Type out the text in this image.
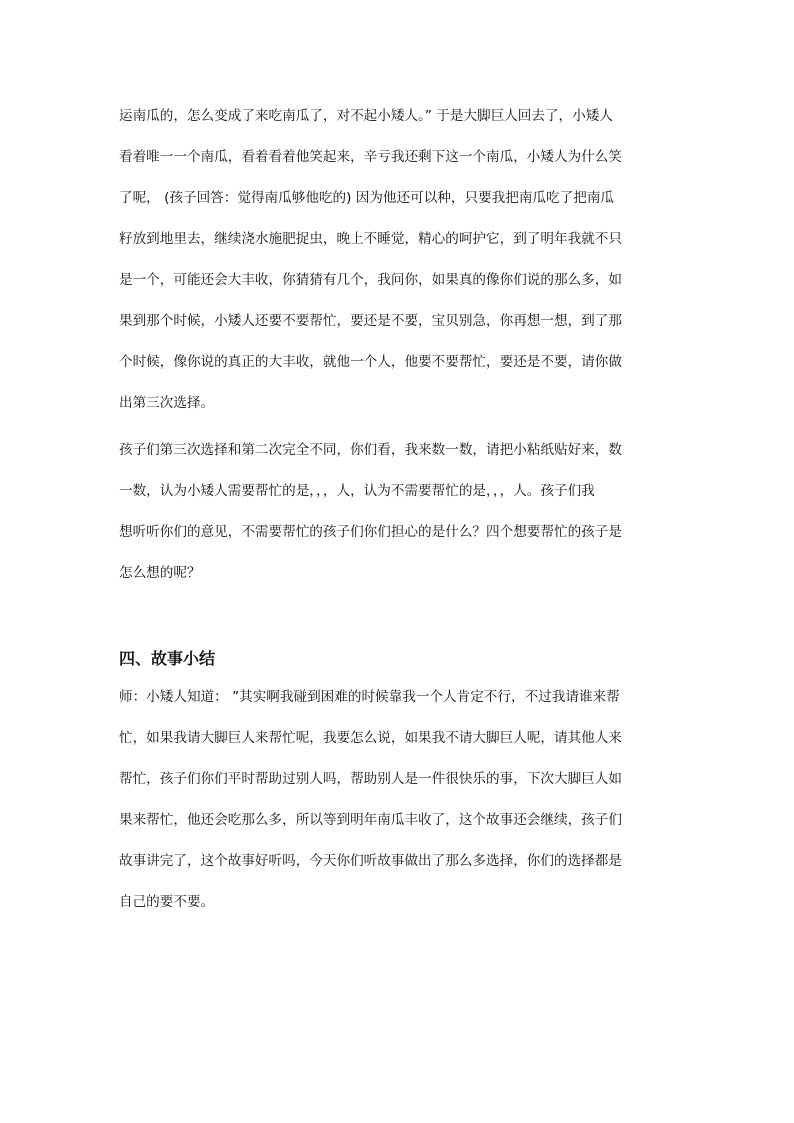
运南瓜的，怎么变成了来吃南瓜了，对不起小矮人。” 于是大脚巨人回去了，小矮人

看着唯一一个南瓜，看着看着他笑起来，辛亏我还剩下这一个南瓜，小矮人为什么笑

了呢， (孩子回答：觉得南瓜够他吃的) 因为他还可以种，只要我把南瓜吃了把南瓜

籽放到地里去，继续浇水施肥捉虫，晚上不睡觉，精心的呵护它，到了明年我就不只

是一个，可能还会大丰收，你猜猜有几个，我问你，如果真的像你们说的那么多，如

果到那个时候，小矮人还要不要帮忙，要还是不要，宝贝别急，你再想一想，到了那

个时候，像你说的真正的大丰收，就他一个人，他要不要帮忙，要还是不要，请你做

出第三次选择。

孩子们第三次选择和第二次完全不同，你们看，我来数一数，请把小粘纸贴好来，数

一数，认为小矮人需要帮忙的是，，，人，认为不需要帮忙的是，，，人。孩子们我

想听听你们的意见，不需要帮忙的孩子们你们担心的是什么？四个想要帮忙的孩子是

怎么想的呢？

四、故事小结

师：小矮人知道： ”其实啊我碰到困难的时候靠我一个人肯定不行，不过我请谁来帮

忙，如果我请大脚巨人来帮忙呢，我要怎么说，如果我不请大脚巨人呢，请其他人来

帮忙，孩子们你们平时帮助过别人吗，帮助别人是一件很快乐的事，下次大脚巨人如

果来帮忙，他还会吃那么多，所以等到明年南瓜丰收了，这个故事还会继续，孩子们

故事讲完了，这个故事好听吗，今天你们听故事做出了那么多选择，你们的选择都是

自己的要不要。
